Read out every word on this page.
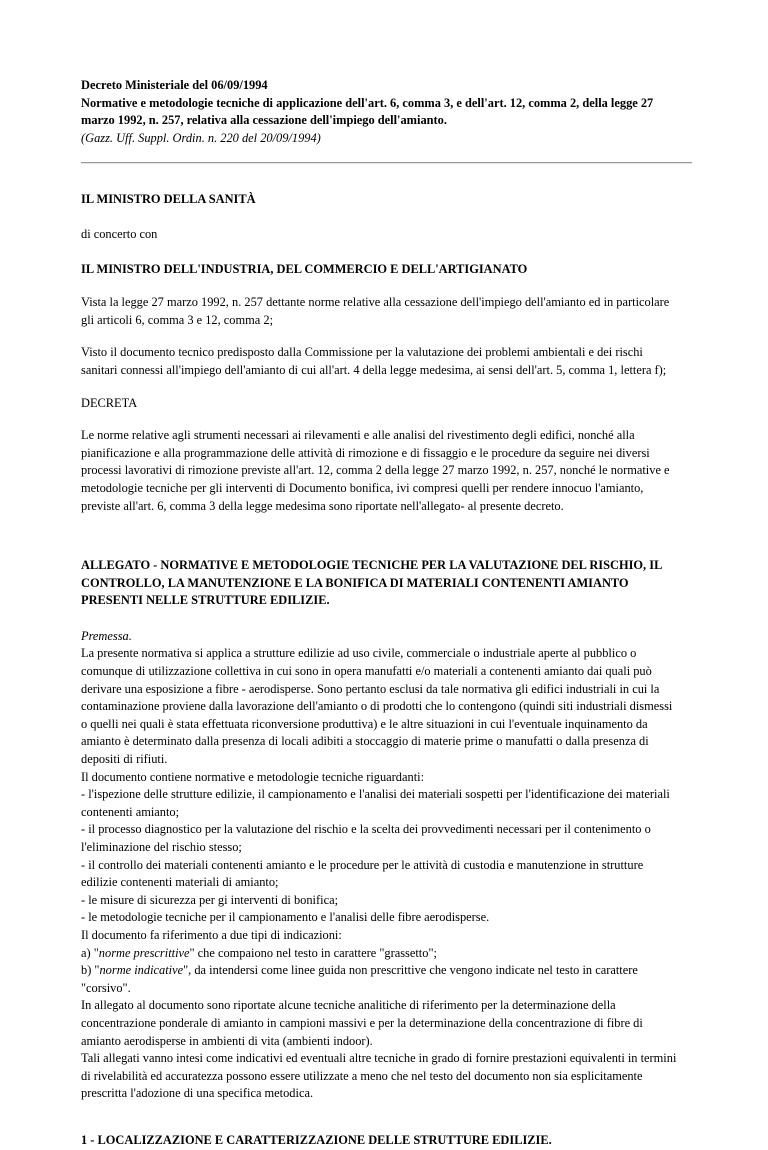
Decreto Ministeriale del 06/09/1994

Normative e metodologie tecniche di applicazione dell'art. 6, comma 3, e dell'art. 12, comma 2, della legge 27

marzo 1992, n. 257, relativa alla cessazione dell'impiego dell'amianto.

(Gazz. Uff. Suppl. Ordin. n. 220 del 20/09/1994)

IL MINISTRO DELLA SANITÀ

di concerto con

IL MINISTRO DELL'INDUSTRIA, DEL COMMERCIO E DELL'ARTIGIANATO

Vista la legge 27 marzo 1992, n. 257 dettante norme relative alla cessazione dell'impiego dell'amianto ed in particolare
gli articoli 6, comma 3 e 12, comma 2;
Visto il documento tecnico predisposto dalla Commissione per la valutazione dei problemi ambientali e dei rischi
sanitari connessi all'impiego dell'amianto di cui all'art. 4 della legge medesima, ai sensi dell'art. 5, comma 1, lettera f);

DECRETA

Le norme relative agli strumenti necessari ai rilevamenti e alle analisi del rivestimento degli edifici, nonché alla
pianificazione e alla programmazione delle attività di rimozione e di fissaggio e le procedure da seguire nei diversi
processi lavorativi di rimozione previste all'art. 12, comma 2 della legge 27 marzo 1992, n. 257, nonché le normative e
metodologie tecniche per gli interventi di Documento bonifica, ivi compresi quelli per rendere innocuo l'amianto,
previste all'art. 6, comma 3 della legge medesima sono riportate nell'allegato- al presente decreto.
ALLEGATO - NORMATIVE E METODOLOGIE TECNICHE PER LA VALUTAZIONE DEL RISCHIO, IL
CONTROLLO, LA MANUTENZIONE E LA BONIFICA DI MATERIALI CONTENENTI AMIANTO
PRESENTI NELLE STRUTTURE EDILIZIE.
Premessa.
La presente normativa si applica a strutture edilizie ad uso civile, commerciale o industriale aperte al pubblico o
comunque di utilizzazione collettiva in cui sono in opera manufatti e/o materiali a contenenti amianto dai quali può
derivare una esposizione a fibre - aerodisperse. Sono pertanto esclusi da tale normativa gli edifici industriali in cui la
contaminazione proviene dalla lavorazione dell'amianto o di prodotti che lo contengono (quindi siti industriali dismessi
o quelli nei quali è stata effettuata riconversione produttiva) e le altre situazioni in cui l'eventuale inquinamento da
amianto è determinato dalla presenza di locali adibiti a stoccaggio di materie prime o manufatti o dalla presenza di
depositi di rifiuti.
Il documento contiene normative e metodologie tecniche riguardanti:
- l'ispezione delle strutture edilizie, il campionamento e l'analisi dei materiali sospetti per l'identificazione dei materiali
contenenti amianto;
- il processo diagnostico per la valutazione del rischio e la scelta dei provvedimenti necessari per il contenimento o
l'eliminazione del rischio stesso;
- il controllo dei materiali contenenti amianto e le procedure per le attività di custodia e manutenzione in strutture
edilizie contenenti materiali di amianto;
- le misure di sicurezza per gi interventi di bonifica;
- le metodologie tecniche per il campionamento e l'analisi delle fibre aerodisperse.
Il documento fa riferimento a due tipi di indicazioni:
a) "norme prescrittive" che compaiono nel testo in carattere "grassetto";
b) "norme indicative", da intendersi come linee guida non prescrittive che vengono indicate nel testo in carattere
"corsivo".
In allegato al documento sono riportate alcune tecniche analitiche di riferimento per la determinazione della
concentrazione ponderale di amianto in campioni massivi e per la determinazione della concentrazione di fibre di
amianto aerodisperse in ambienti di vita (ambienti indoor).
Tali allegati vanno intesi come indicativi ed eventuali altre tecniche in grado di fornire prestazioni equivalenti in termini
di rivelabilità ed accuratezza possono essere utilizzate a meno che nel testo del documento non sia esplicitamente
prescritta l'adozione di una specifica metodica.

1 - LOCALIZZAZIONE E CARATTERIZZAZIONE DELLE STRUTTURE EDILIZIE.
